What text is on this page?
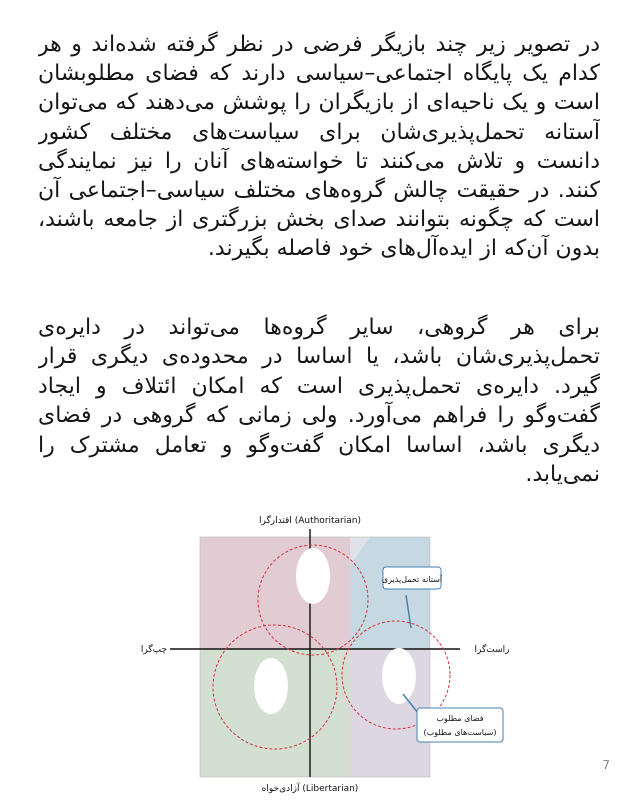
در تصویر زیر چند بازیگر فرضی در نظر گرفته شده‌اند و هر
کدام یک پایگاه اجتماعی–سیاسی دارند که فضای مطلوبشان
است و یک ناحیه‌ای از بازیگران را پوشش می‌دهند که می‌توان
آستانه تحمل‌پذیری‌شان برای سیاست‌های مختلف کشور
دانست و تلاش می‌کنند تا خواسته‌های آنان را نیز نمایندگی
کنند. در حقیقت چالش گروه‌های مختلف سیاسی–اجتماعی آن
است که چگونه بتوانند صدای بخش بزرگتری از جامعه باشند،
بدون آن‌که از ایده‌آل‌های خود فاصله بگیرند.
برای هر گروهی، سایر گروه‌ها می‌تواند در دایره‌ی
تحمل‌پذیری‌شان باشد، یا اساسا در محدوده‌ی دیگری قرار
گیرد. دایره‌ی تحمل‌پذیری است که امکان ائتلاف و ایجاد
گفت‌وگو را فراهم می‌آورد. ولی زمانی که گروهی در فضای
دیگری باشد، اساسا امکان گفت‌وگو و تعامل مشترک را
نمی‌یابد.
آستانه تحمل‌پذیری
فضای مطلوب
(سیاست‌های مطلوب)
اقتدارگرا (Authoritarian)
آزادی‌خواه (Libertarian)
چپ‌گرا	راست‌گرا
7
